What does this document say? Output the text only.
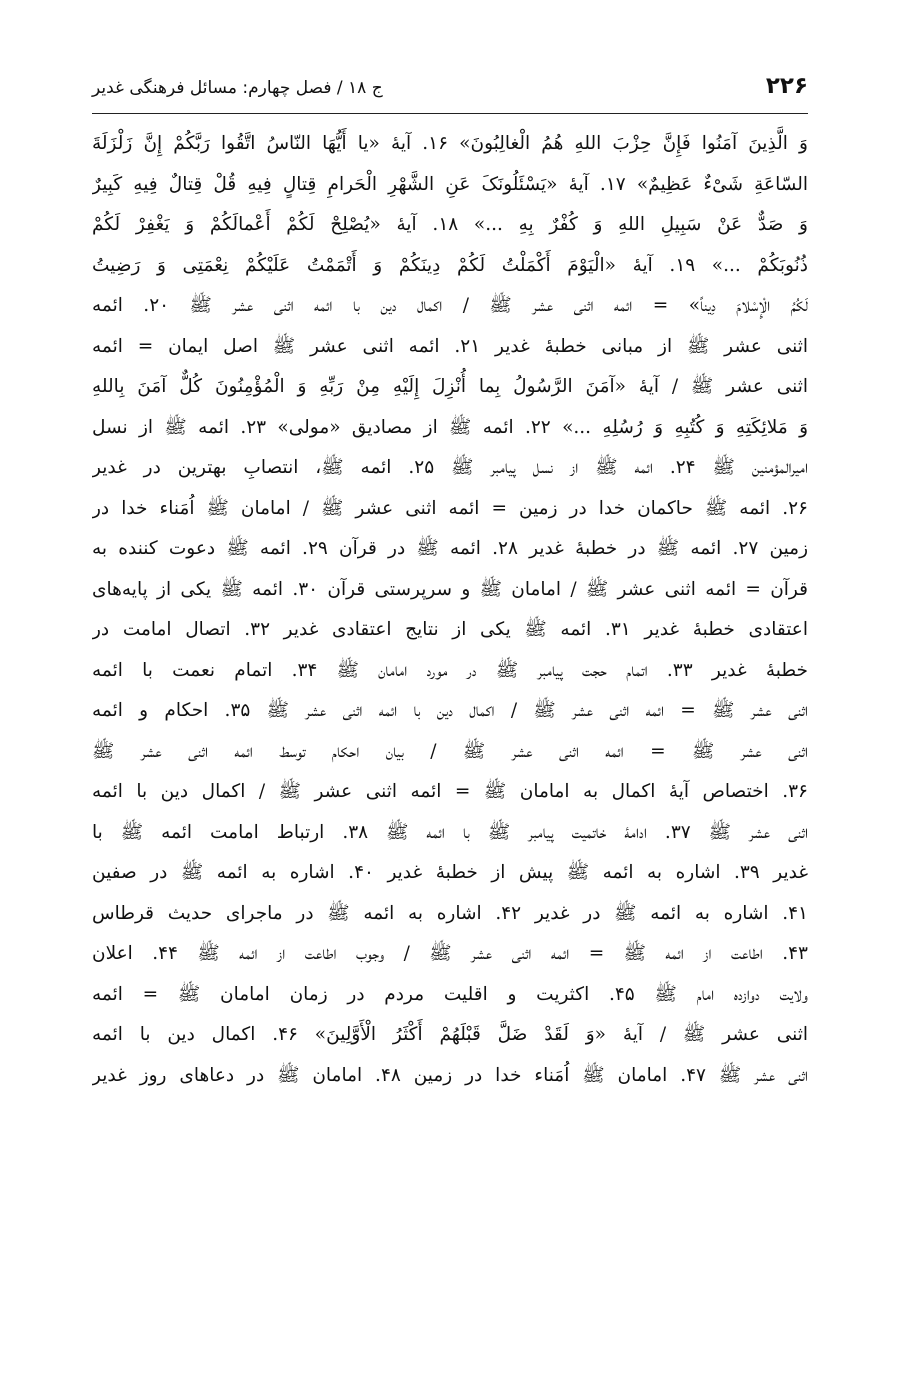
۲۲۶
ج ۱۸ / فصل چهارم: مسائل فرهنگی غدیر
وَ الَّذِینَ آمَنُوا فَإِنَّ حِزْبَ اللهِ هُمُ الْغالِبُونَ» ۱۶. آیهٔ «یا أَیُّهَا النّاسُ اتَّقُوا رَبَّکُمْ إِنَّ زَلْزَلَةَ
السّاعَةِ شَیْءٌ عَظِیمٌ» ۱۷. آیهٔ «یَسْئَلُونَکَ عَنِ الشَّهْرِ الْحَرامِ قِتالٍ فِیهِ قُلْ قِتالٌ فِیهِ کَبِیرٌ
وَ صَدٌّ عَنْ سَبِیلِ اللهِ وَ کُفْرٌ بِهِ ...» ۱۸. آیهٔ «یُصْلِحْ لَکُمْ أَعْمالَکُمْ وَ یَغْفِرْ لَکُمْ
ذُنُوبَکُمْ ...» ۱۹. آیهٔ «الْیَوْمَ أَکْمَلْتُ لَکُمْ دِینَکُمْ وَ أَتْمَمْتُ عَلَیْکُمْ نِعْمَتِی وَ رَضِیتُ
لَکُمُ الْإِسْلامَ دِیناً» = ائمه اثنی عشر ﷺ / اکمال دین با ائمه اثنی عشر ﷺ ۲۰. ائمه
اثنی عشر ﷺ از مبانی خطبهٔ غدیر ۲۱. ائمه اثنی عشر ﷺ اصل ایمان = ائمه
اثنی عشر ﷺ / آیهٔ «آمَنَ الرَّسُولُ بِما أُنْزِلَ إِلَیْهِ مِنْ رَبِّهِ وَ الْمُؤْمِنُونَ کُلٌّ آمَنَ بِاللهِ
وَ مَلائِکَتِهِ وَ کُتُبِهِ وَ رُسُلِهِ ...» ۲۲. ائمه ﷺ از مصادیق «مولی» ۲۳. ائمه ﷺ از نسل
امیرالمؤمنین ﷺ ۲۴. ائمه ﷺ از نسل پیامبر ﷺ ۲۵. ائمه ﷺ، انتصابِ بهترین در غدیر
۲۶. ائمه ﷺ حاکمان خدا در زمین = ائمه اثنی عشر ﷺ / امامان ﷺ اُمَناء خدا در
زمین ۲۷. ائمه ﷺ در خطبهٔ غدیر ۲۸. ائمه ﷺ در قرآن ۲۹. ائمه ﷺ دعوت کننده به
قرآن = ائمه اثنی عشر ﷺ / امامان ﷺ و سرپرستی قرآن ۳۰. ائمه ﷺ یکی از پایه‌های
اعتقادی خطبهٔ غدیر ۳۱. ائمه ﷺ یکی از نتایج اعتقادی غدیر ۳۲. اتصال امامت در
خطبهٔ غدیر ۳۳. اتمام حجت پیامبر ﷺ در مورد امامان ﷺ ۳۴. اتمام نعمت با ائمه
اثنی عشر ﷺ = ائمه اثنی عشر ﷺ / اکمال دین با ائمه اثنی عشر ﷺ ۳۵. احکام و ائمه
اثنی عشر ﷺ = ائمه اثنی عشر ﷺ / بیان احکام توسط ائمه اثنی عشر ﷺ
۳۶. اختصاص آیهٔ اکمال به امامان ﷺ = ائمه اثنی عشر ﷺ / اکمال دین با ائمه
اثنی عشر ﷺ ۳۷. ادامهٔ خاتمیت پیامبر ﷺ با ائمه ﷺ ۳۸. ارتباط امامت ائمه ﷺ با
غدیر ۳۹. اشاره به ائمه ﷺ پیش از خطبهٔ غدیر ۴۰. اشاره به ائمه ﷺ در صفین
۴۱. اشاره به ائمه ﷺ در غدیر ۴۲. اشاره به ائمه ﷺ در ماجرای حدیث قرطاس
۴۳. اطاعت از ائمه ﷺ = ائمه اثنی عشر ﷺ / وجوب اطاعت از ائمه ﷺ ۴۴. اعلان
ولایت دوازده امام ﷺ ۴۵. اکثریت و اقلیت مردم در زمان امامان ﷺ = ائمه
اثنی عشر ﷺ / آیهٔ «وَ لَقَدْ ضَلَّ قَبْلَهُمْ أَکْثَرُ الْأَوَّلِینَ» ۴۶. اکمال دین با ائمه
اثنی عشر ﷺ ۴۷. امامان ﷺ اُمَناء خدا در زمین ۴۸. امامان ﷺ در دعاهای روز غدیر
